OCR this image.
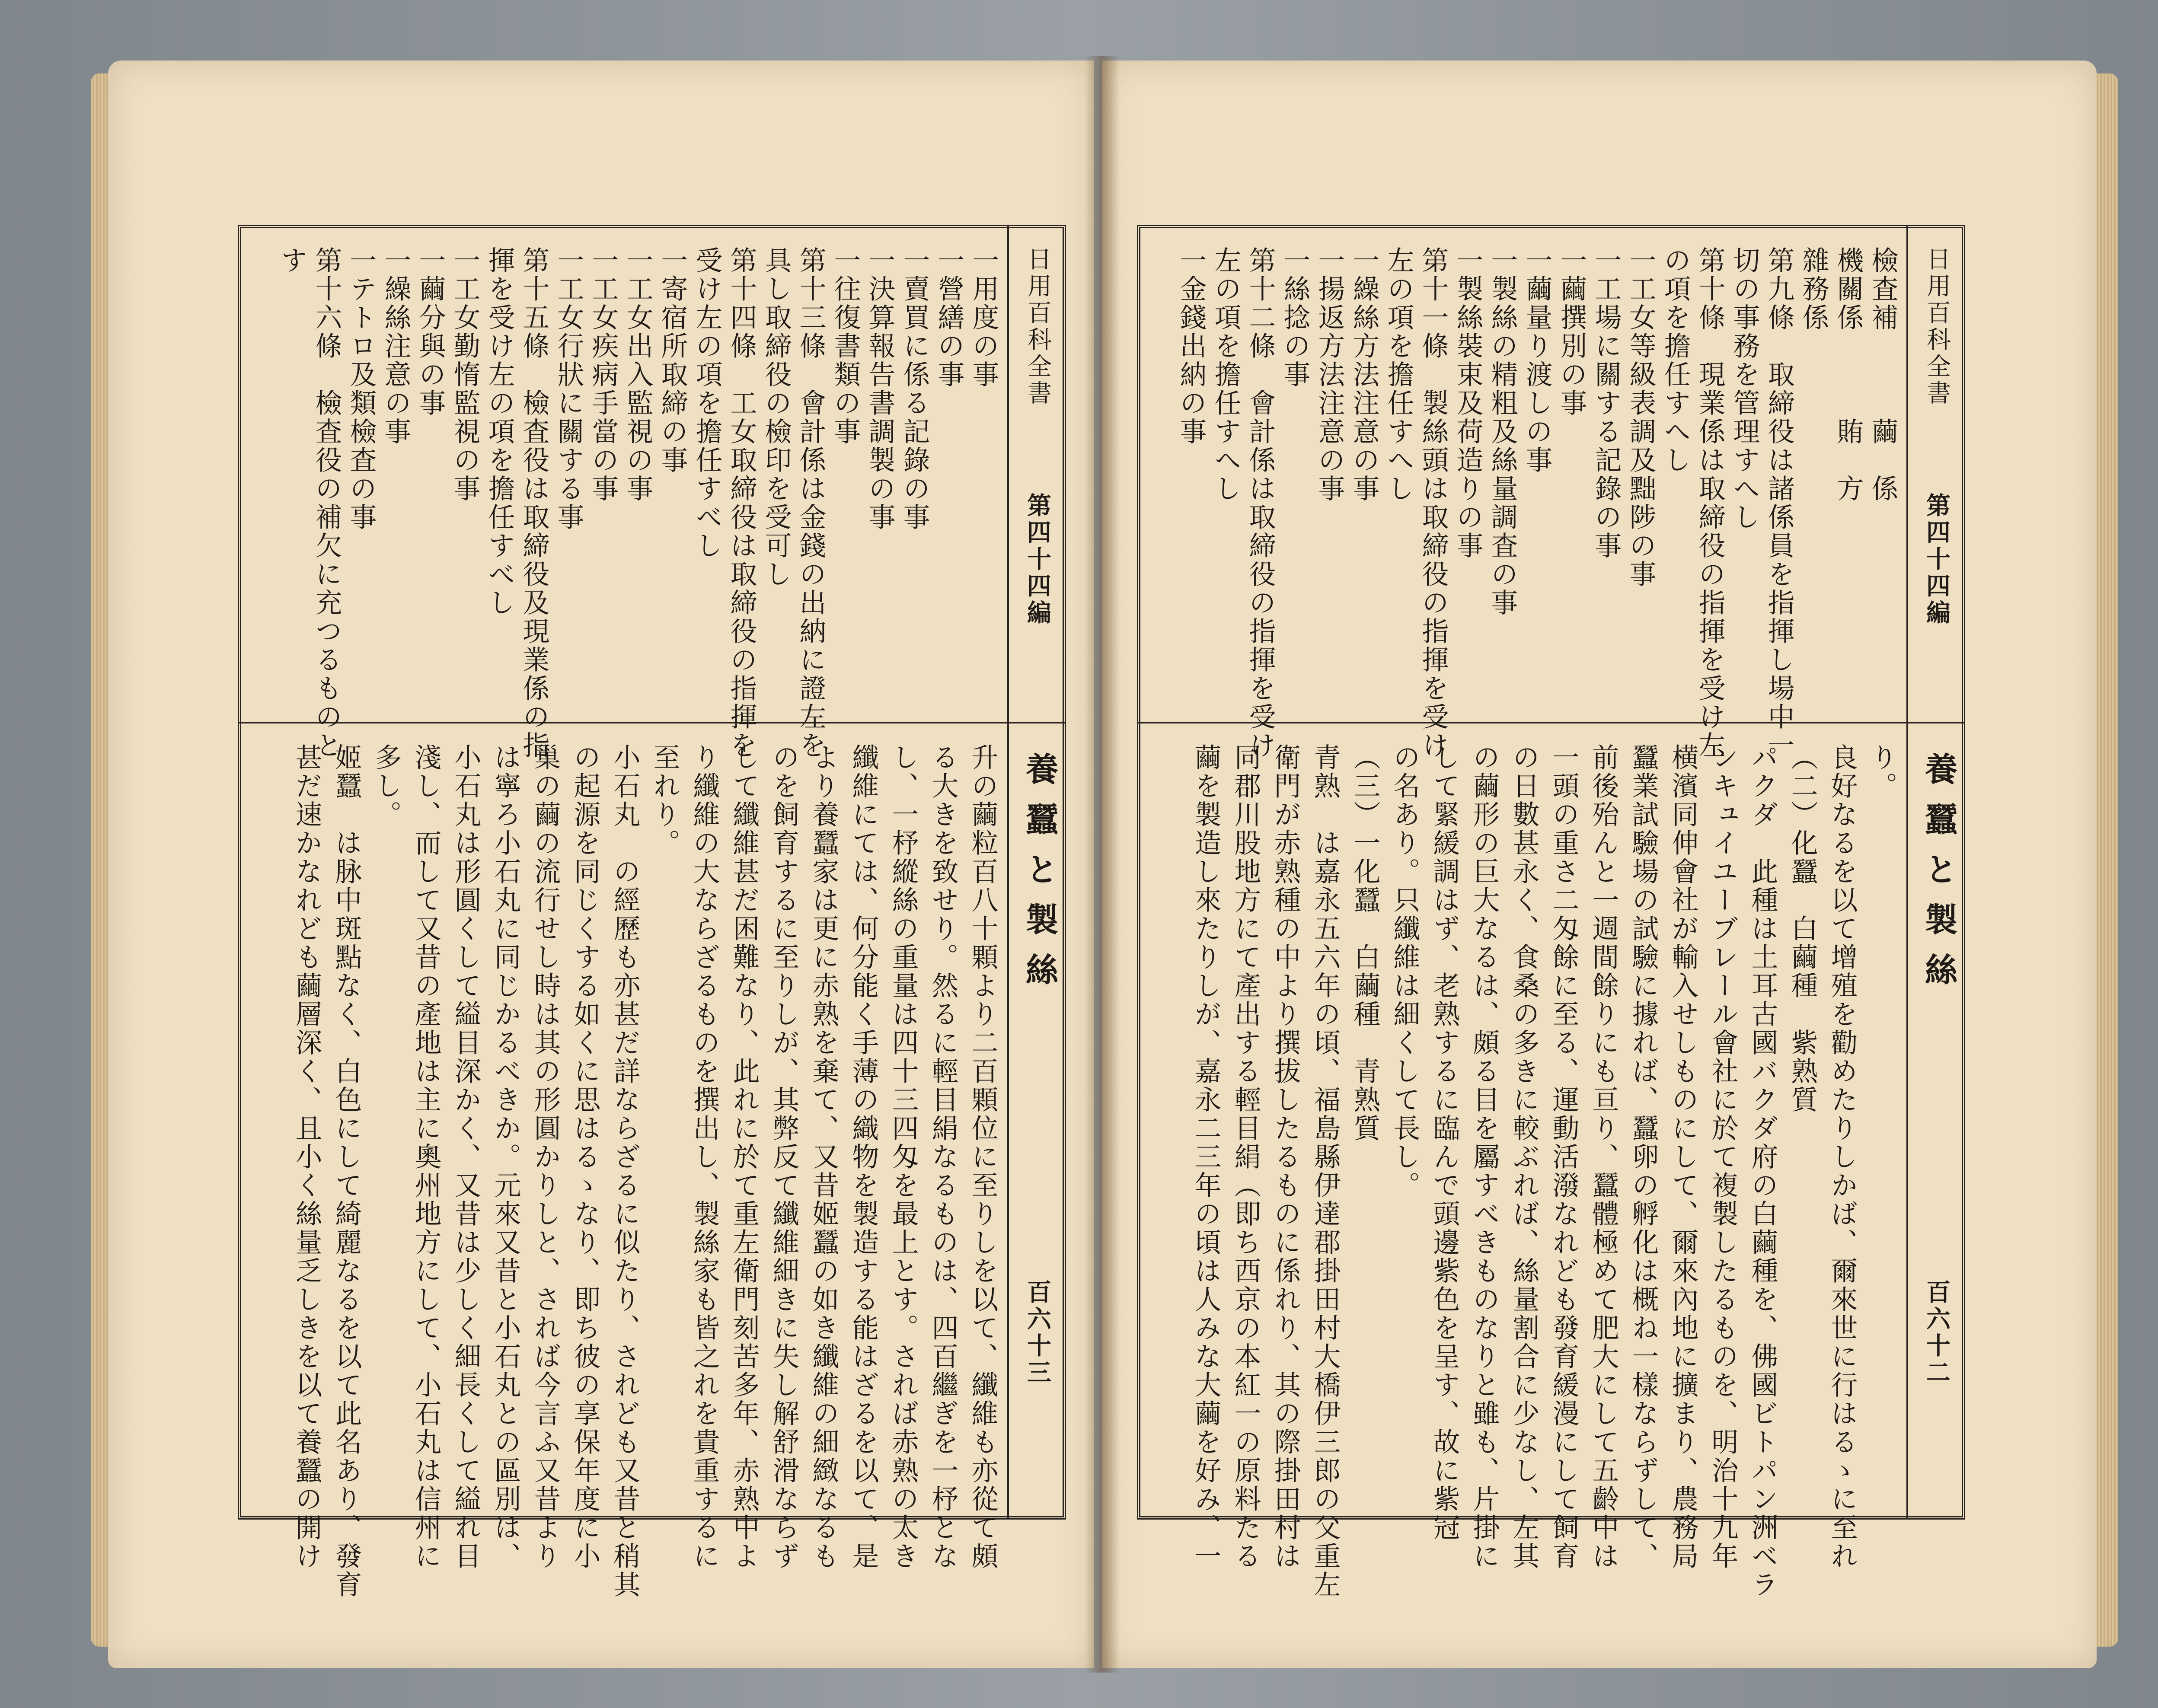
日用百科全書
第四十四編
養蠶と製絲
百六十三
一用度の事
一營繕の事
一賣買に係る記錄の事
一決算報告書調製の事
一往復書類の事
第十三條　會計係は金錢の出納に證左を
具し取締役の檢印を受可し
第十四條　工女取締役は取締役の指揮を
受け左の項を擔任すべし
一寄宿所取締の事
一工女出入監視の事
一工女疾病手當の事
一工女行狀に關する事
第十五條　檢査役は取締役及現業係の指
揮を受け左の項を擔任すべし
一工女勤惰監視の事
一繭分與の事
一繰絲注意の事
一テトロ及類檢査の事
第十六條　檢査役の補欠に充つるものと
す
升の繭粒百八十顆より二百顆位に至りしを以て、纖維も亦從て頗
る大きを致せり。然るに輕目絹なるものは、四百繼ぎを一杼とな
し、一杼縱絲の重量は四十三四匁を最上とす。されば赤熟の太き
纖維にては、何分能く手薄の織物を製造する能はざるを以て、是
より養蠶家は更に赤熟を棄て、又昔姬蠶の如き纖維の細緻なるも
のを飼育するに至りしが、其弊反て纖維細きに失し解舒滑ならず
して纖維甚だ困難なり、此れに於て重左衛門刻苦多年、赤熟中よ
り纖維の大ならざるものを撰出し、製絲家も皆之れを貴重するに
至れり。
小石丸　の經歷も亦甚だ詳ならざるに似たり、されども又昔と稍其
の起源を同じくする如くに思はるゝなり、即ち彼の享保年度に小
巢の繭の流行せし時は其の形圓かりしと、されば今言ふ又昔より
は寧ろ小石丸に同じかるべきか。元來又昔と小石丸との區別は、
小石丸は形圓くして縊目深かく、又昔は少しく細長くして縊れ目
淺し、而して又昔の產地は主に奧州地方にして、小石丸は信州に
多し。
姬蠶　は脉中斑點なく、白色にして綺麗なるを以て此名あり、發育
甚だ速かなれども繭層深く、且小く絲量乏しきを以て養蠶の開け
日用百科全書
第四十四編
養蠶と製絲
百六十二
檢査補　　　繭　係
機關係　　　賄　方
雜務係
第九條　取締役は諸係員を指揮し場中一
切の事務を管理すへし
第十條　現業係は取締役の指揮を受け左
の項を擔任すへし
一工女等級表調及黜陟の事
一工場に關する記錄の事
一繭撰別の事
一繭量り渡しの事
一製絲の精粗及絲量調査の事
一製絲裝束及荷造りの事
第十一條　製絲頭は取締役の指揮を受け
左の項を擔任すへし
一繰絲方法注意の事
一揚返方法注意の事
一絲捻の事
第十二條　會計係は取締役の指揮を受け
左の項を擔任すへし
一金錢出納の事
り。
良好なるを以て增殖を勸めたりしかば、爾來世に行はるゝに至れ
（二）化蠶　白繭種　紫熟質
パクダ　此種は土耳古國バクダ府の白繭種を、佛國ビトパン洲ベラ
ンキュイユーブレール會社に於て複製したるものを、明治十九年
横濱同伸會社が輸入せしものにして、爾來內地に擴まり、農務局
蠶業試驗場の試驗に據れば、蠶卵の孵化は概ね一樣ならずして、
前後殆んと一週間餘りにも亘り、蠶體極めて肥大にして五齡中は
一頭の重さ二匁餘に至る、運動活潑なれども發育緩漫にして飼育
の日數甚永く、食桑の多きに較ぶれば、絲量割合に少なし、左其
の繭形の巨大なるは、頗る目を屬すべきものなりと雖も、片掛に
して緊緩調はず、老熟するに臨んで頭邊紫色を呈す、故に紫冠
の名あり。只纖維は細くして長し。
（三）一化蠶　白繭種　青熟質
青熟　は嘉永五六年の頃、福島縣伊達郡掛田村大橋伊三郎の父重左
衛門が赤熟種の中より撰拔したるものに係れり、其の際掛田村は
同郡川股地方にて產出する輕目絹（即ち西京の本紅一の原料たる
繭を製造し來たりしが、嘉永二三年の頃は人みな大繭を好み、一
